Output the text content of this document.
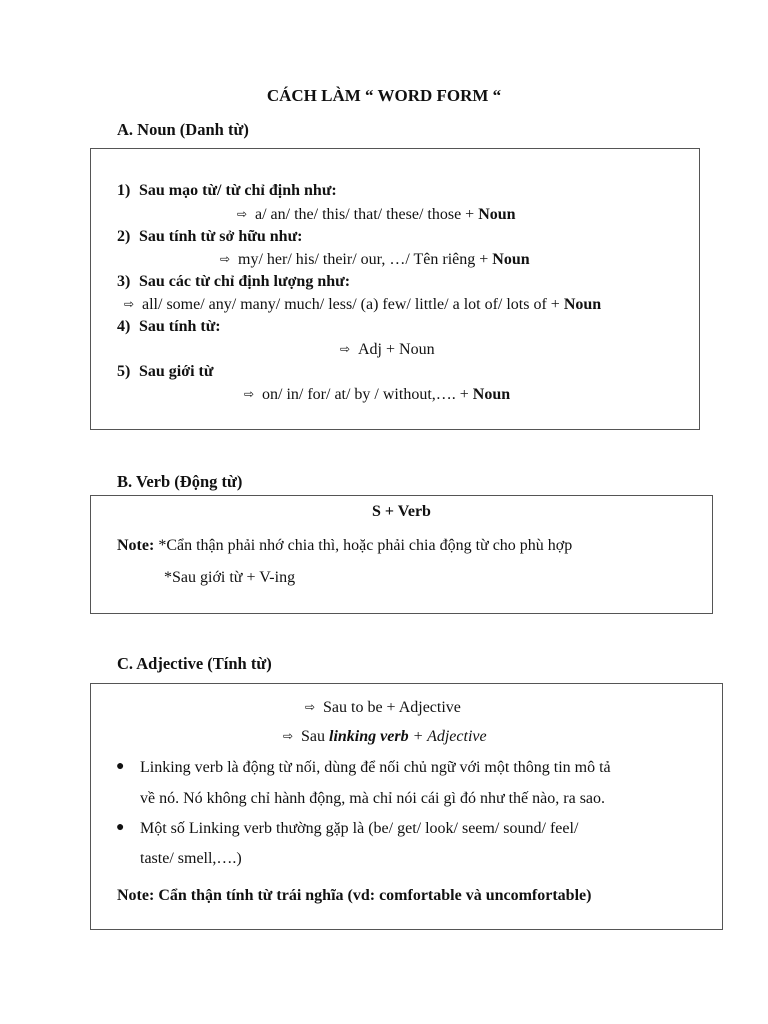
CÁCH LÀM “ WORD FORM “
A. Noun (Danh từ)
1) Sau mạo từ/ từ chỉ định như:
⇨ a/ an/ the/ this/ that/ these/ those + Noun
2) Sau tính từ sở hữu như:
⇨ my/ her/ his/ their/ our, …/ Tên riêng + Noun
3) Sau các từ chỉ định lượng như:
⇨ all/ some/ any/ many/ much/ less/ (a) few/ little/ a lot of/ lots of + Noun
4) Sau tính từ:
⇨ Adj + Noun
5) Sau giới từ
⇨ on/ in/ for/ at/ by / without,…. + Noun
B. Verb (Động từ)
S + Verb
Note: *Cẩn thận phải nhớ chia thì, hoặc phải chia động từ cho phù hợp
*Sau giới từ + V-ing
C. Adjective (Tính từ)
⇨ Sau to be + Adjective
⇨ Sau linking verb + Adjective
● Linking verb là động từ nối, dùng để nối chủ ngữ với một thông tin mô tả
về nó. Nó không chỉ hành động, mà chỉ nói cái gì đó như thế nào, ra sao.
● Một số Linking verb thường gặp là (be/ get/ look/ seem/ sound/ feel/
taste/ smell,….)
Note: Cẩn thận tính từ trái nghĩa (vd: comfortable và uncomfortable)
